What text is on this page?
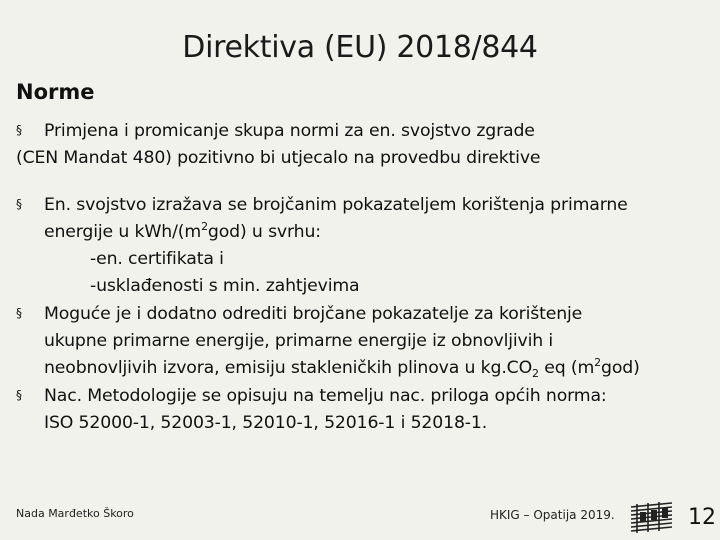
Direktiva (EU) 2018/844
Norme
§ Primjena i promicanje skupa normi za en. svojstvo zgrade
(CEN Mandat 480) pozitivno bi utjecalo na provedbu direktive
§ En. svojstvo izražava se brojčanim pokazateljem korištenja primarne
energije u kWh/$(m^2god)$ u svrhu:
-en. certifikata i
-usklađenosti s min. zahtjevima
§ Moguće je i dodatno odrediti brojčane pokazatelje za korištenje
ukupne primarne energije, primarne energije iz obnovljivih i
neobnovljivih izvora, emisiju stakleničkih plinova u $kg.CO_2$ eq $(m^2god)$
§ Nac. Metodologije se opisuju na temelju nac. priloga općih norma:
ISO 52000-1, 52003-1, 52010-1, 52016-1 i 52018-1.
Nada Marđetko Škoro	HKIG – Opatija 2019.	12
